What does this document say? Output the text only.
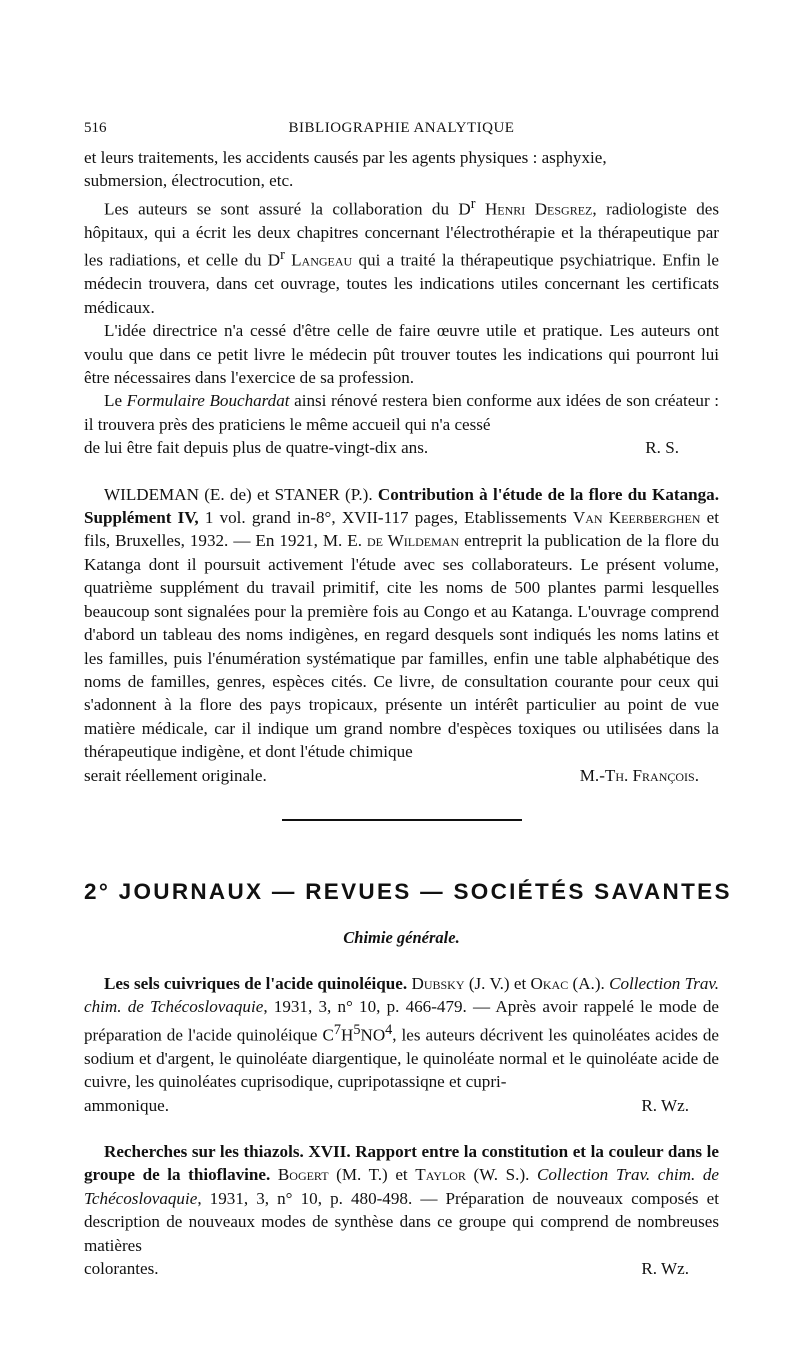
516	BIBLIOGRAPHIE ANALYTIQUE

et leurs traitements, les accidents causés par les agents physiques : asphyxie,

submersion, électrocution, etc.

Les auteurs se sont assuré la collaboration du $D^r$ Henri Desgrez, radiologiste des hôpitaux, qui a écrit les deux chapitres concernant l'électrothérapie et la thérapeutique par les radiations, et celle du $D^r$ Langeau qui a traité la thérapeutique psychiatrique. Enfin le médecin trouvera, dans cet ouvrage, toutes les indications utiles concernant les certificats médicaux.

L'idée directrice n'a cessé d'être celle de faire œuvre utile et pratique. Les auteurs ont voulu que dans ce petit livre le médecin pût trouver toutes les indications qui pourront lui être nécessaires dans l'exercice de sa profession.

Le Formulaire Bouchardat ainsi rénové restera bien conforme aux idées de son créateur : il trouvera près des praticiens le même accueil qui n'a cessé

de lui être fait depuis plus de quatre-vingt-dix ans.	R. S.

WILDEMAN (E. de) et STANER (P.). Contribution à l'étude de la flore du Katanga. Supplément IV, 1 vol. grand in-8°, XVII-117 pages, Etablissements Van Keerberghen et fils, Bruxelles, 1932. — En 1921, M. E. de Wildeman entreprit la publication de la flore du Katanga dont il poursuit activement l'étude avec ses collaborateurs. Le présent volume, quatrième supplément du travail primitif, cite les noms de 500 plantes parmi lesquelles beaucoup sont signalées pour la première fois au Congo et au Katanga. L'ouvrage comprend d'abord un tableau des noms indigènes, en regard desquels sont indiqués les noms latins et les familles, puis l'énumération systématique par familles, enfin une table alphabétique des noms de familles, genres, espèces cités. Ce livre, de consultation courante pour ceux qui s'adonnent à la flore des pays tropicaux, présente un intérêt particulier au point de vue matière médicale, car il indique um grand nombre d'espèces toxiques ou utilisées dans la thérapeutique indigène, et dont l'étude chimique

serait réellement originale.	M.-Th. François.

2° JOURNAUX — REVUES — SOCIÉTÉS SAVANTES
Chimie générale.

Les sels cuivriques de l'acide quinoléique. Dubsky (J. V.) et Okac (A.). Collection Trav. chim. de Tchécoslovaquie, 1931, 3, n° 10, p. 466-479. — Après avoir rappelé le mode de préparation de l'acide quinoléique $C^7H^5NO^4$, les auteurs décrivent les quinoléates acides de sodium et d'argent, le quinoléate diargentique, le quinoléate normal et le quinoléate acide de cuivre, les quinoléates cuprisodique, cupripotassiqne et cupri-

ammonique.	R. Wz.

Recherches sur les thiazols. XVII. Rapport entre la constitution et la couleur dans le groupe de la thioflavine. Bogert (M. T.) et Taylor (W. S.). Collection Trav. chim. de Tchécoslovaquie, 1931, 3, n° 10, p. 480-498. — Préparation de nouveaux composés et description de nouveaux modes de synthèse dans ce groupe qui comprend de nombreuses matières

colorantes.	R. Wz.
